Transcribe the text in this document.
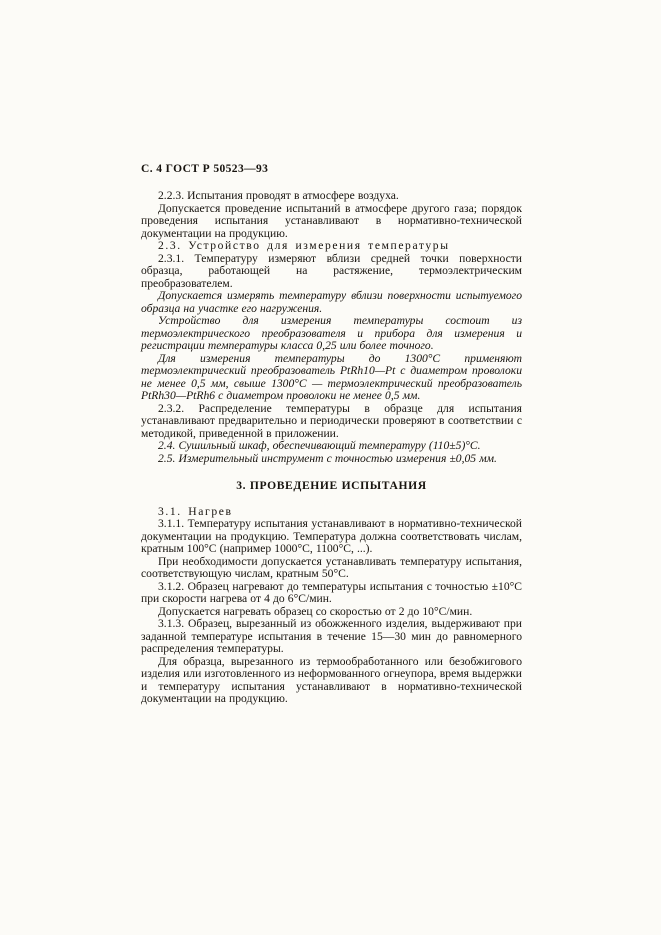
С. 4 ГОСТ Р 50523—93

2.2.3. Испытания проводят в атмосфере воздуха.

Допускается проведение испытаний в атмосфере другого газа; порядок проведения испытания устанавливают в нормативно-технической документации на продукцию.

2.3. Устройство для измерения температуры

2.3.1. Температуру измеряют вблизи средней точки поверхности образца, работающей на растяжение, термоэлектрическим преобразователем.

Допускается измерять температуру вблизи поверхности испытуемого образца на участке его нагружения.

Устройство для измерения температуры состоит из термоэлектрического преобразователя и прибора для измерения и регистрации температуры класса 0,25 или более точного.

Для измерения температуры до 1300°С применяют термоэлектрический преобразователь PtRh10—Pt с диаметром проволоки не менее 0,5 мм, свыше 1300°С — термоэлектрический преобразователь PtRh30—PtRh6 с диаметром проволоки не менее 0,5 мм.

2.3.2. Распределение температуры в образце для испытания устанавливают предварительно и периодически проверяют в соответствии с методикой, приведенной в приложении.

2.4. Сушильный шкаф, обеспечивающий температуру (110±5)°С.

2.5. Измерительный инструмент с точностью измерения ±0,05 мм.

3. ПРОВЕДЕНИЕ ИСПЫТАНИЯ

3.1. Нагрев

3.1.1. Температуру испытания устанавливают в нормативно-технической документации на продукцию. Температура должна соответствовать числам, кратным 100°С (например 1000°С, 1100°С, ...).

При необходимости допускается устанавливать температуру испытания, соответствующую числам, кратным 50°С.

3.1.2. Образец нагревают до температуры испытания с точностью ±10°С при скорости нагрева от 4 до 6°С/мин.

Допускается нагревать образец со скоростью от 2 до 10°С/мин.

3.1.3. Образец, вырезанный из обожженного изделия, выдерживают при заданной температуре испытания в течение 15—30 мин до равномерного распределения температуры.

Для образца, вырезанного из термообработанного или безобжигового изделия или изготовленного из неформованного огнеупора, время выдержки и температуру испытания устанавливают в нормативно-технической документации на продукцию.
